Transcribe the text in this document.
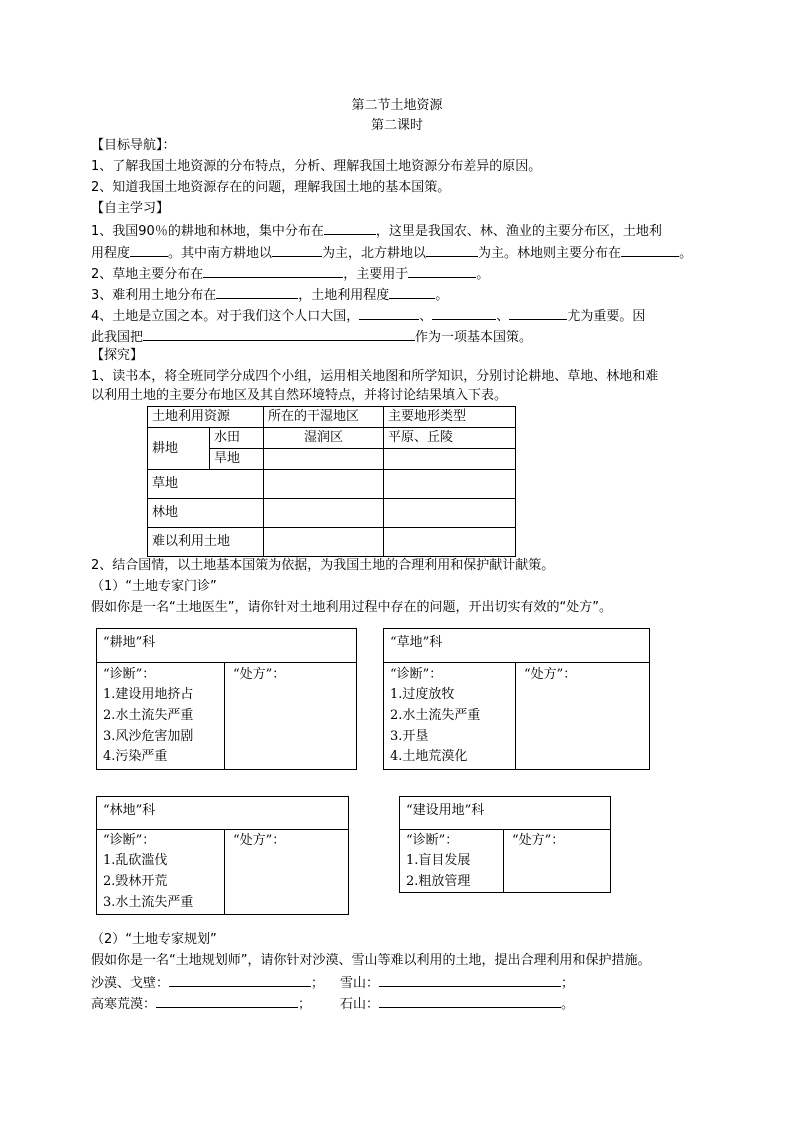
第二节土地资源
第二课时
【目标导航】：
1、了解我国土地资源的分布特点，分析、理解我国土地资源分布差异的原因。
2、知道我国土地资源存在的问题，理解我国土地的基本国策。
【自主学习】
1、我国90％的耕地和林地，集中分布在	，这里是我国农、林、渔业的主要分布区，土地利
用程度	。其中南方耕地以	为主，北方耕地以	为主。林地则主要分布在	。
2、草地主要分布在	，主要用于	。
3、难利用土地分布在	，土地利用程度	。
4、土地是立国之本。对于我们这个人口大国，	、	、	尤为重要。因
此我国把	作为一项基本国策。
【探究】
1、读书本，将全班同学分成四个小组，运用相关地图和所学知识，分别讨论耕地、草地、林地和难
以利用土地的主要分布地区及其自然环境特点，并将讨论结果填入下表。
土地利用资源		所在的干湿地区	主要地形类型
耕地	水田	湿润区	平原、丘陵
	旱地		
草地			
林地			
难以利用土地			
2、结合国情，以土地基本国策为依据，为我国土地的合理利用和保护献计献策。
（1）“土地专家门诊”
假如你是一名“土地医生”，请你针对土地利用过程中存在的问题，开出切实有效的“处方”。
“耕地”科
“诊断”：	“处方”：
1.建设用地挤占
2.水土流失严重
3.风沙危害加剧
4.污染严重
“草地”科
“诊断”：	“处方”：
1.过度放牧
2.水土流失严重
3.开垦
4.土地荒漠化
“林地”科
“诊断”：	“处方”：
1.乱砍滥伐
2.毁林开荒
3.水土流失严重
“建设用地”科
“诊断”：	“处方”：
1.盲目发展
2.粗放管理
（2）“土地专家规划”
假如你是一名“土地规划师”，请你针对沙漠、雪山等难以利用的土地，提出合理利用和保护措施。
沙漠、戈壁：	； 雪山：	；
高寒荒漠：	； 石山：	。
